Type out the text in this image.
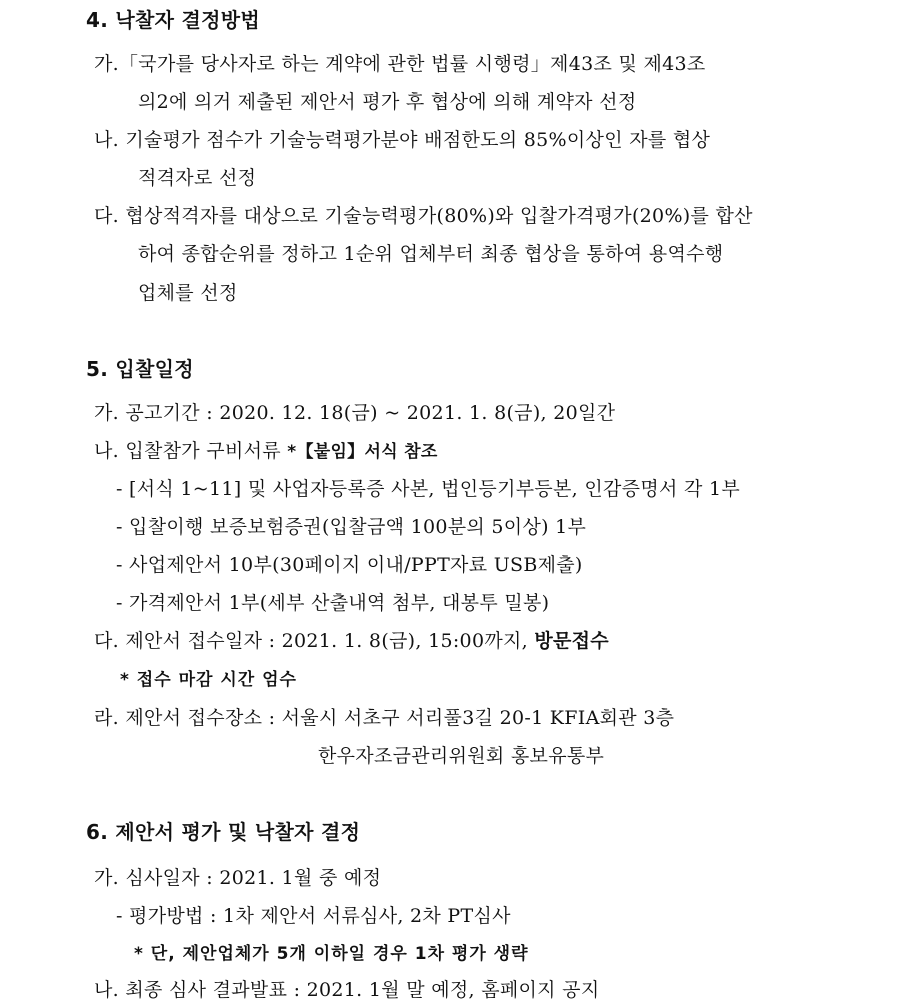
4. 낙찰자 결정방법
가.「국가를 당사자로 하는 계약에 관한 법률 시행령」제43조 및 제43조
의2에 의거 제출된 제안서 평가 후 협상에 의해 계약자 선정
나. 기술평가 점수가 기술능력평가분야 배점한도의 85%이상인 자를 협상
적격자로 선정
다. 협상적격자를 대상으로 기술능력평가(80%)와 입찰가격평가(20%)를 합산
하여 종합순위를 정하고 1순위 업체부터 최종 협상을 통하여 용역수행
업체를 선정
5. 입찰일정
가. 공고기간 : 2020. 12. 18(금) ~ 2021. 1. 8(금), 20일간
나. 입찰참가 구비서류 *【붙임】서식 참조
- [서식 1~11] 및 사업자등록증 사본, 법인등기부등본, 인감증명서 각 1부
- 입찰이행 보증보험증권(입찰금액 100분의 5이상) 1부
- 사업제안서 10부(30페이지 이내/PPT자료 USB제출)
- 가격제안서 1부(세부 산출내역 첨부, 대봉투 밀봉)
다. 제안서 접수일자 : 2021. 1. 8(금), 15:00까지, 방문접수
* 접수 마감 시간 엄수
라. 제안서 접수장소 : 서울시 서초구 서리풀3길 20-1 KFIA회관 3층
한우자조금관리위원회 홍보유통부
6. 제안서 평가 및 낙찰자 결정
가. 심사일자 : 2021. 1월 중 예정
- 평가방법 : 1차 제안서 서류심사, 2차 PT심사
* 단, 제안업체가 5개 이하일 경우 1차 평가 생략
나. 최종 심사 결과발표 : 2021. 1월 말 예정, 홈페이지 공지
